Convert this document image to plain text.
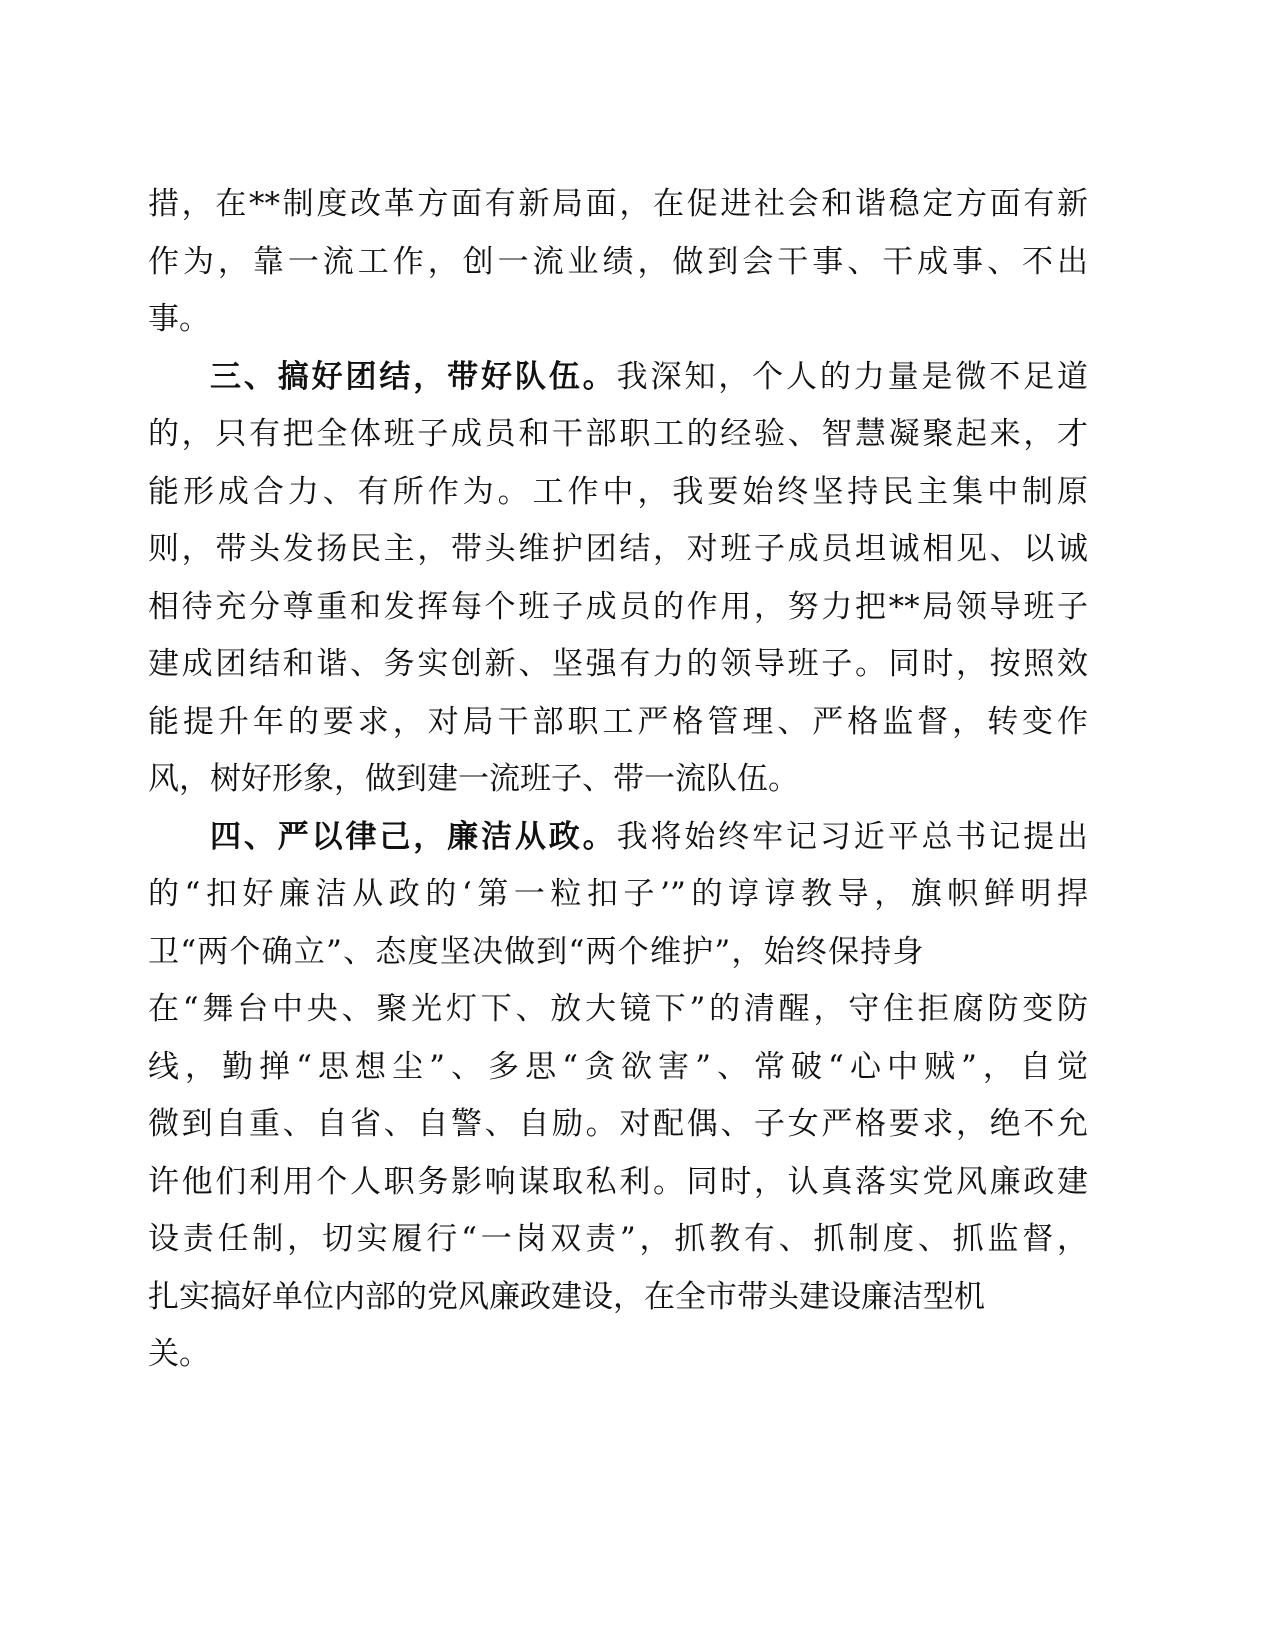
措，在**制度改革方面有新局面，在促进社会和谐稳定方面有新
作为，靠一流工作，创一流业绩，做到会干事、干成事、不出
事。
三、搞好团结，带好队伍。我深知，个人的力量是微不足道
的，只有把全体班子成员和干部职工的经验、智慧凝聚起来，才
能形成合力、有所作为。工作中，我要始终坚持民主集中制原
则，带头发扬民主，带头维护团结，对班子成员坦诚相见、以诚
相待充分尊重和发挥每个班子成员的作用，努力把**局领导班子
建成团结和谐、务实创新、坚强有力的领导班子。同时，按照效
能提升年的要求，对局干部职工严格管理、严格监督，转变作
风，树好形象，做到建一流班子、带一流队伍。
四、严以律己，廉洁从政。我将始终牢记习近平总书记提出
的“扣好廉洁从政的‘第一粒扣子’”的谆谆教导，旗帜鲜明捍
卫“两个确立”、态度坚决做到“两个维护”，始终保持身
在“舞台中央、聚光灯下、放大镜下”的清醒，守住拒腐防变防
线，勤掸“思想尘”、多思“贪欲害”、常破“心中贼”，自觉
微到自重、自省、自警、自励。对配偶、子女严格要求，绝不允
许他们利用个人职务影响谋取私利。同时，认真落实党风廉政建
设责任制，切实履行“一岗双责”，抓教有、抓制度、抓监督，
扎实搞好单位内部的党风廉政建设，在全市带头建设廉洁型机
关。
